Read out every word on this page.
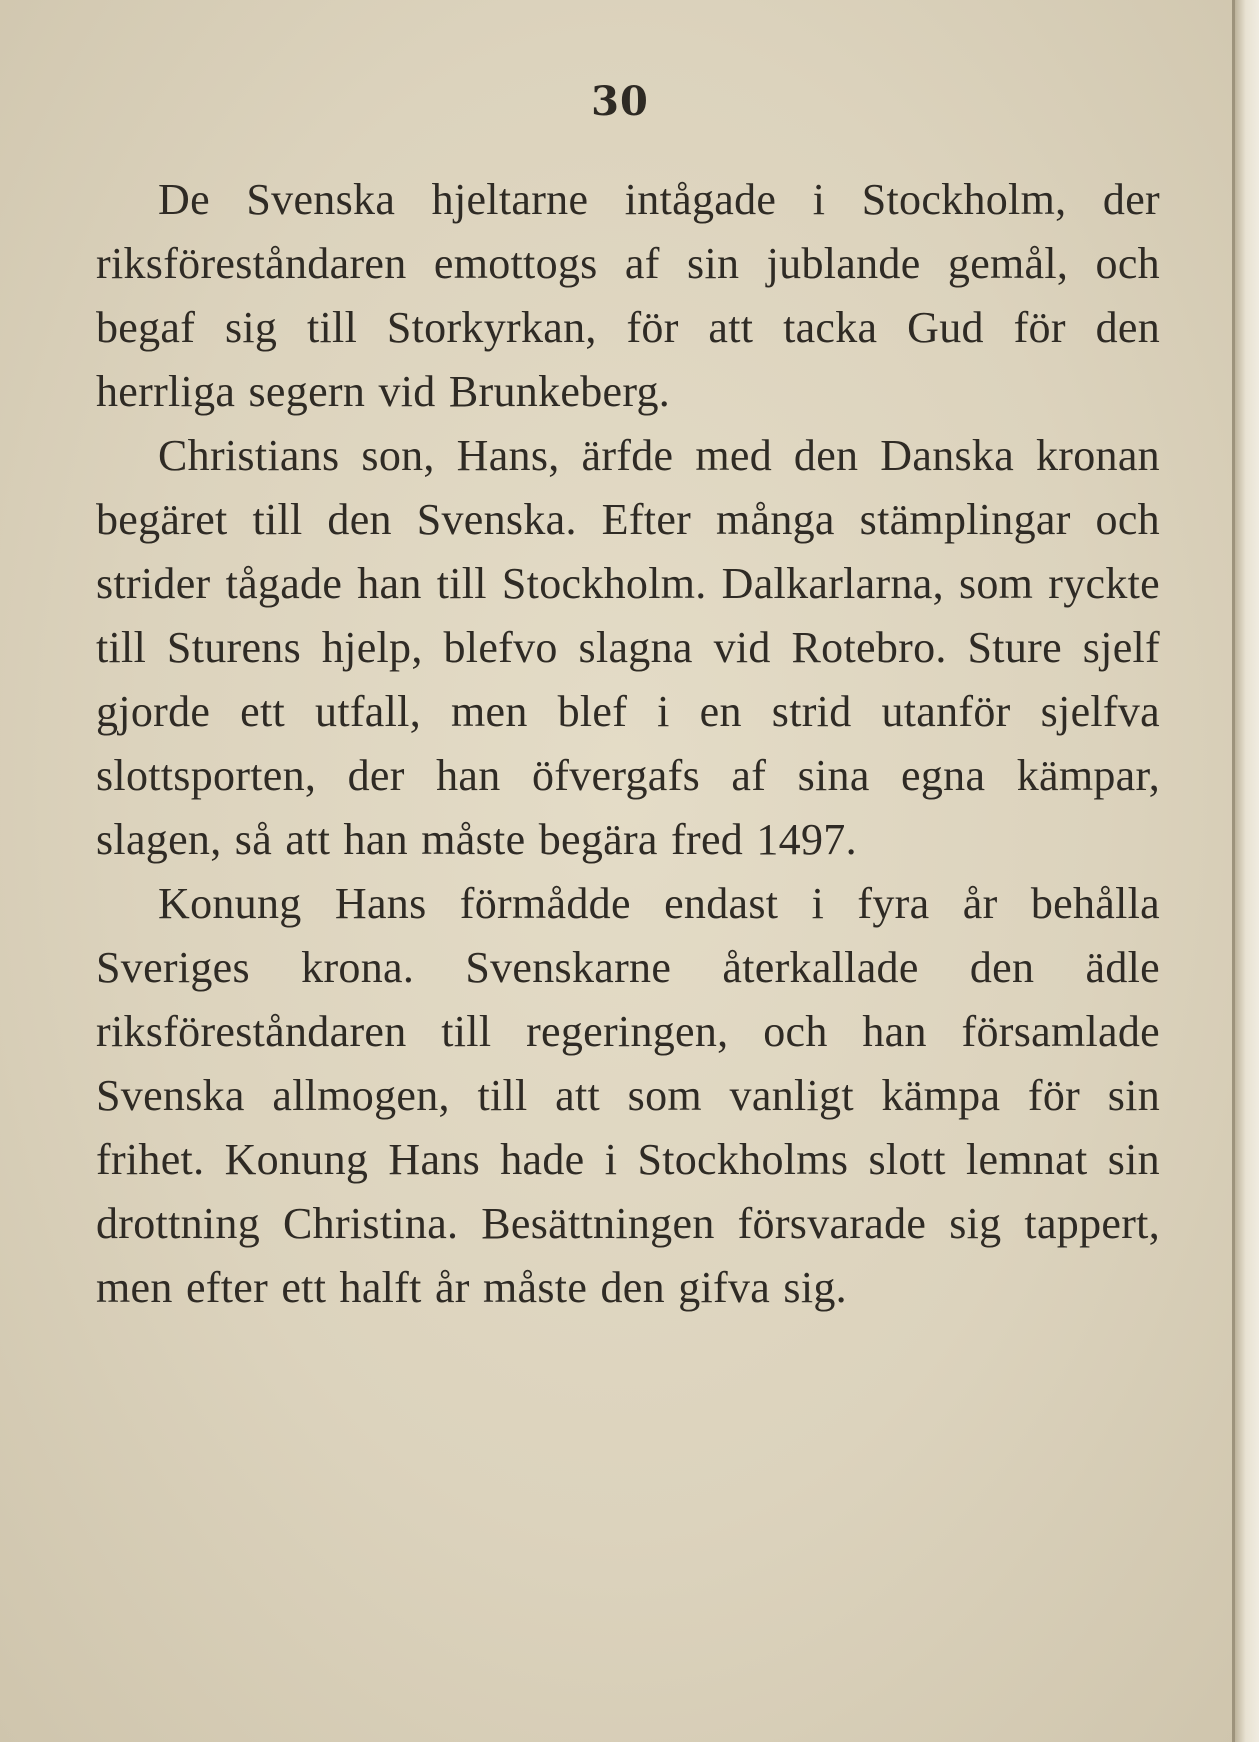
30

De Svenska hjeltarne intågade i Stockholm, der riksföreståndaren emottogs af sin jublande gemål, och begaf sig till Storkyrkan, för att tacka Gud för den herrliga segern vid Brunkeberg.

Christians son, Hans, ärfde med den Danska kronan begäret till den Svenska. Efter många stämplingar och strider tågade han till Stockholm. Dalkarlarna, som ryckte till Sturens hjelp, blefvo slagna vid Rotebro. Sture sjelf gjorde ett utfall, men blef i en strid utanför sjelfva slottsporten, der han öfvergafs af sina egna kämpar, slagen, så att han måste begära fred 1497.

Konung Hans förmådde endast i fyra år behålla Sveriges krona. Svenskarne återkallade den ädle riksföreståndaren till regeringen, och han församlade Svenska allmogen, till att som vanligt kämpa för sin frihet. Konung Hans hade i Stockholms slott lemnat sin drottning Christina. Besättningen försvarade sig tappert, men efter ett halft år måste den gifva sig.
